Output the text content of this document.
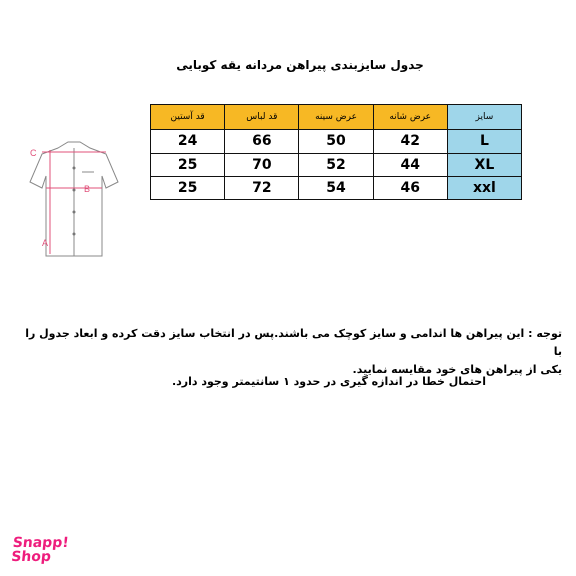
جدول سایزبندی پیراهن مردانه یقه کوبایی
سایز	عرض شانه	عرض سینه	قد لباس	قد آستین
L	42	50	66	24
XL	44	52	70	25
xxl	46	54	72	25
C
B
A
توجه : این پیراهن ها اندامی و سایز کوچک می باشند.پس در انتخاب سایز دقت کرده و ابعاد جدول را با
یکی از پیراهن های خود مقایسه نمایید.
احتمال خطا در اندازه گیری در حدود ۱ سانتیمتر وجود دارد.
Snapp!
Shop
